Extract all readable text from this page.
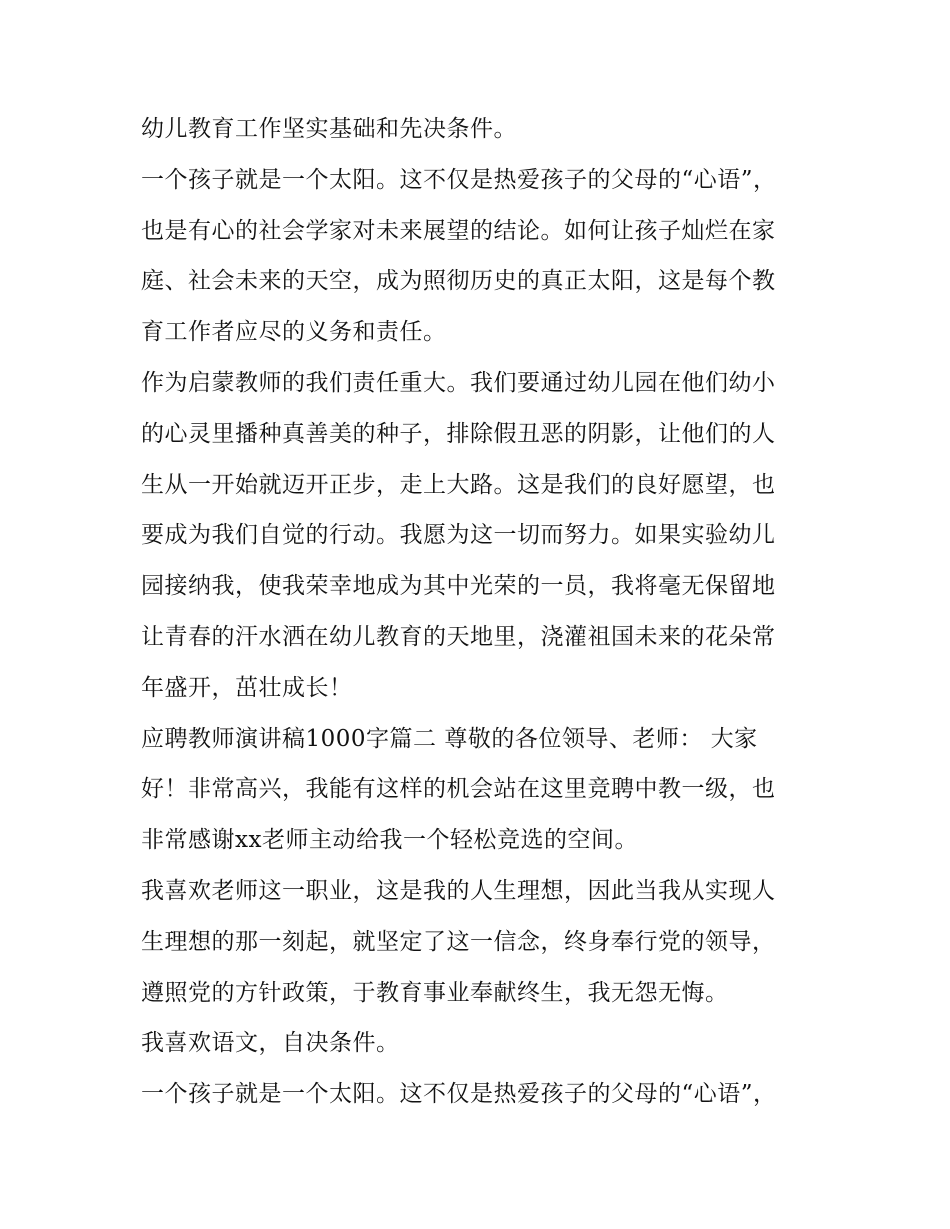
幼儿教育工作坚实基础和先决条件。
一个孩子就是一个太阳。这不仅是热爱孩子的父母的“心语”，
也是有心的社会学家对未来展望的结论。如何让孩子灿烂在家
庭、社会未来的天空，成为照彻历史的真正太阳，这是每个教
育工作者应尽的义务和责任。
作为启蒙教师的我们责任重大。我们要通过幼儿园在他们幼小
的心灵里播种真善美的种子，排除假丑恶的阴影，让他们的人
生从一开始就迈开正步，走上大路。这是我们的良好愿望，也
要成为我们自觉的行动。我愿为这一切而努力。如果实验幼儿
园接纳我，使我荣幸地成为其中光荣的一员，我将毫无保留地
让青春的汗水洒在幼儿教育的天地里，浇灌祖国未来的花朵常
年盛开，茁壮成长！
应聘教师演讲稿1000字篇二 尊敬的各位领导、老师： 大家
好！非常高兴，我能有这样的机会站在这里竞聘中教一级，也
非常感谢xx老师主动给我一个轻松竞选的空间。
我喜欢老师这一职业，这是我的人生理想，因此当我从实现人
生理想的那一刻起，就坚定了这一信念，终身奉行党的领导，
遵照党的方针政策，于教育事业奉献终生，我无怨无悔。
我喜欢语文，自决条件。
一个孩子就是一个太阳。这不仅是热爱孩子的父母的“心语”，
